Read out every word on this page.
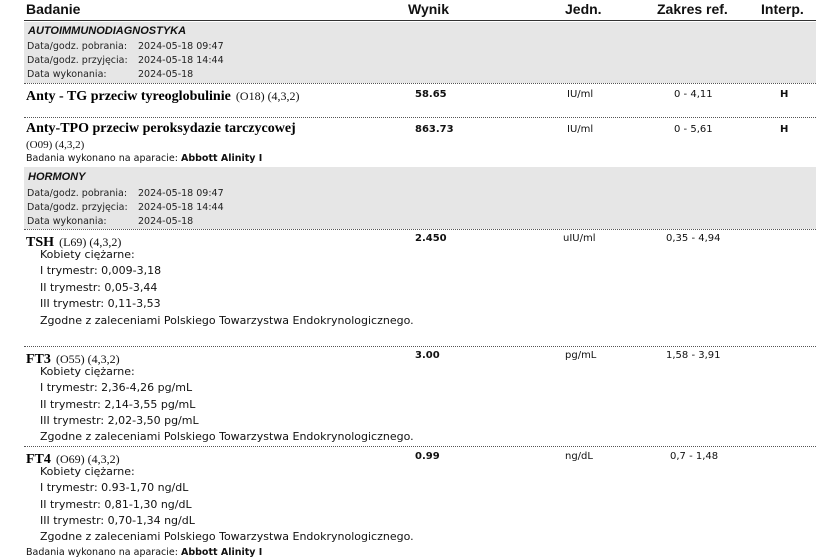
Badanie	Wynik	Jedn.	Zakres ref. Interp.
AUTOIMMUNODIAGNOSTYKA
Data/godz. pobrania: 2024-05-18 09:47
Data/godz. przyjęcia: 2024-05-18 14:44
Data wykonania:	2024-05-18
Anty - TG przeciw tyreoglobulinie (O18) (4,3,2)	58.65	IU/ml	0 - 4,11	H
Anty-TPO przeciw peroksydazie tarczycowej
(O09) (4,3,2)
863.73	IU/ml	0 - 5,61	H
Badania wykonano na aparacie: Abbott Alinity I
HORMONY
Data/godz. pobrania: 2024-05-18 09:47
Data/godz. przyjęcia: 2024-05-18 14:44
Data wykonania:	2024-05-18
TSH (L69) (4,3,2)	2.450	uIU/ml	0,35 - 4,94
Kobiety ciężarne:
I trymestr: 0,009-3,18
II trymestr: 0,05-3,44
III trymestr: 0,11-3,53
Zgodne z zaleceniami Polskiego Towarzystwa Endokrynologicznego.
FT3 (O55) (4,3,2)	3.00	pg/mL	1,58 - 3,91
Kobiety ciężarne:
I trymestr: 2,36-4,26 pg/mL
II trymestr: 2,14-3,55 pg/mL
III trymestr: 2,02-3,50 pg/mL
Zgodne z zaleceniami Polskiego Towarzystwa Endokrynologicznego.
FT4 (O69) (4,3,2)	0.99	ng/dL	0,7 - 1,48
Kobiety ciężarne:
I trymestr: 0.93-1,70 ng/dL
II trymestr: 0,81-1,30 ng/dL
III trymestr: 0,70-1,34 ng/dL
Zgodne z zaleceniami Polskiego Towarzystwa Endokrynologicznego.
Badania wykonano na aparacie: Abbott Alinity I
